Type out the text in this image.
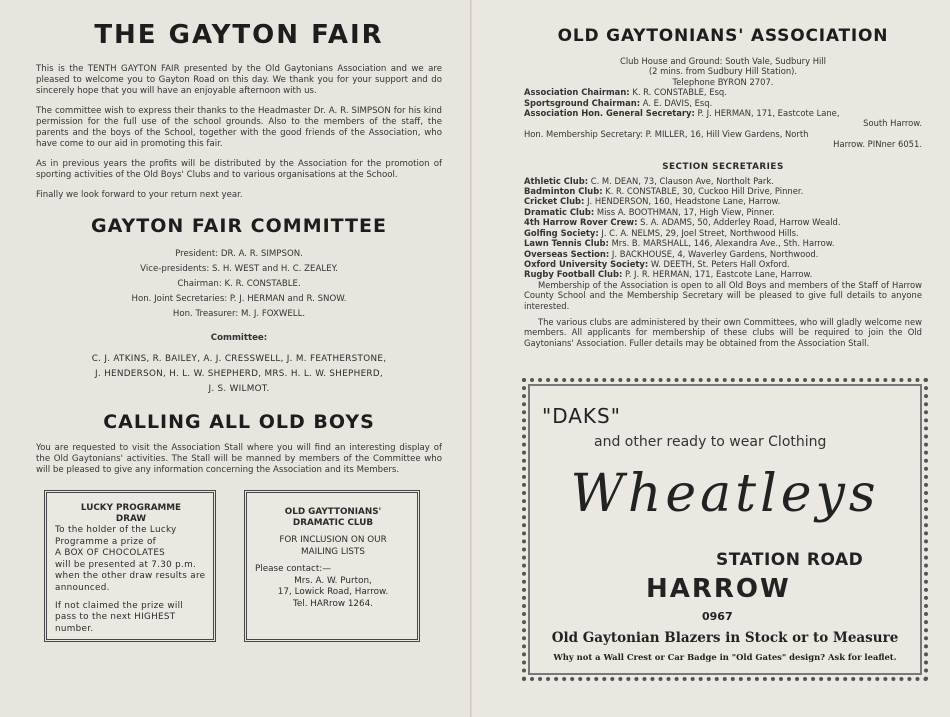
THE GAYTON FAIR

This is the TENTH GAYTON FAIR presented by the Old Gaytonians Association and we are pleased to welcome you to Gayton Road on this day. We thank you for your support and do sincerely hope that you will have an enjoyable afternoon with us.

The committee wish to express their thanks to the Headmaster Dr. A. R. SIMPSON for his kind permission for the full use of the school grounds. Also to the members of the staff, the parents and the boys of the School, together with the good friends of the Association, who have come to our aid in promoting this fair.

As in previous years the profits will be distributed by the Association for the promotion of sporting activities of the Old Boys' Clubs and to various organisations at the School.

Finally we look forward to your return next year.

GAYTON FAIR COMMITTEE
President: DR. A. R. SIMPSON.
Vice-presidents: S. H. WEST and H. C. ZEALEY.
Chairman: K. R. CONSTABLE.
Hon. Joint Secretaries: P. J. HERMAN and R. SNOW.
Hon. Treasurer: M. J. FOXWELL.
Committee:
C. J. ATKINS, R. BAILEY, A. J. CRESSWELL, J. M. FEATHERSTONE,
J. HENDERSON, H. L. W. SHEPHERD, MRS. H. L. W. SHEPHERD,
J. S. WILMOT.
CALLING ALL OLD BOYS

You are requested to visit the Association Stall where you will find an interesting display of the Old Gaytonians' activities. The Stall will be manned by members of the Committee who will be pleased to give any information concerning the Association and its Members.

LUCKY PROGRAMME
DRAW
To the holder of the Lucky
Programme a prize of
A BOX OF CHOCOLATES
will be presented at 7.30 p.m.
when the other draw results are
announced.
If not claimed the prize will
pass to the next HIGHEST
number.
OLD GAYTTONIANS'
DRAMATIC CLUB
FOR INCLUSION ON OUR
MAILING LISTS
Please contact:—
Mrs. A. W. Purton,
17, Lowick Road, Harrow.
Tel. HARrow 1264.
OLD GAYTONIANS' ASSOCIATION
Club House and Ground: South Vale, Sudbury Hill
(2 mins. from Sudbury Hill Station).
Telephone BYRON 2707.
Association Chairman: K. R. CONSTABLE, Esq.
Sportsground Chairman: A. E. DAVIS, Esq.
Association Hon. General Secretary: P. J. HERMAN, 171, Eastcote Lane,
South Harrow.
Hon. Membership Secretary: P. MILLER, 16, Hill View Gardens, North
Harrow. PINner 6051.
SECTION SECRETARIES
Athletic Club: C. M. DEAN, 73, Clauson Ave, Northolt Park.
Badminton Club: K. R. CONSTABLE, 30, Cuckoo Hill Drive, Pinner.
Cricket Club: J. HENDERSON, 160, Headstone Lane, Harrow.
Dramatic Club: Miss A. BOOTHMAN, 17, High View, Pinner.
4th Harrow Rover Crew: S. A. ADAMS, 50, Adderley Road, Harrow Weald.
Golfing Society: J. C. A. NELMS, 29, Joel Street, Northwood Hills.
Lawn Tennis Club: Mrs. B. MARSHALL, 146, Alexandra Ave., Sth. Harrow.
Overseas Section: J. BACKHOUSE, 4, Waverley Gardens, Northwood.
Oxford University Society: W. DEETH, St. Peters Hall Oxford.
Rugby Football Club: P. J. R. HERMAN, 171, Eastcote Lane, Harrow.

Membership of the Association is open to all Old Boys and members of the Staff of Harrow County School and the Membership Secretary will be pleased to give full details to anyone interested.

The various clubs are administered by their own Committees, who will gladly welcome new members. All applicants for membership of these clubs will be required to join the Old Gaytonians' Association. Fuller details may be obtained from the Association Stall.

"DAKS"
and other ready to wear Clothing
Wheatleys
STATION ROAD
HARROW
0967
Old Gaytonian Blazers in Stock or to Measure
Why not a Wall Crest or Car Badge in "Old Gates" design? Ask for leaflet.
